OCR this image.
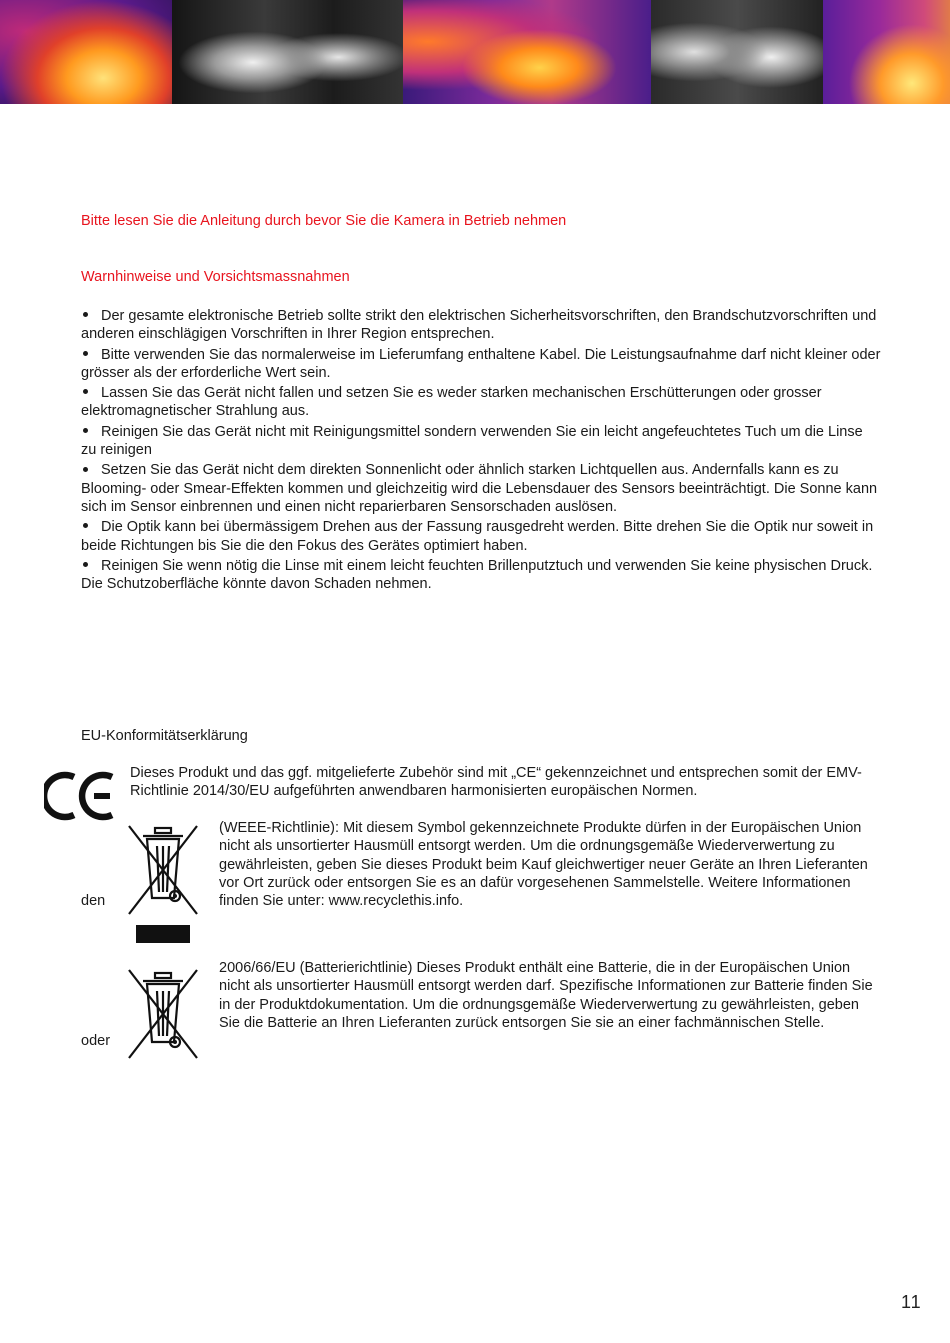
Bitte lesen Sie die Anleitung durch bevor Sie die Kamera in Betrieb nehmen
Warnhinweise und Vorsichtsmassnahmen
Der gesamte elektronische Betrieb sollte strikt den elektrischen Sicherheitsvorschriften, den Brandschutzvorschriften und anderen einschlägigen Vorschriften in Ihrer Region entsprechen.
Bitte verwenden Sie das normalerweise im Lieferumfang enthaltene Kabel. Die Leistungsaufnahme darf nicht kleiner oder grösser als der erforderliche Wert sein.
Lassen Sie das Gerät nicht fallen und setzen Sie es weder starken mechanischen Erschütterungen oder grosser elektromagnetischer Strahlung aus.
Reinigen Sie das Gerät nicht mit Reinigungsmittel sondern verwenden Sie ein leicht angefeuchtetes Tuch um die Linse zu reinigen
Setzen Sie das Gerät nicht dem direkten Sonnenlicht oder ähnlich starken Lichtquellen aus. Andernfalls kann es zu Blooming- oder Smear-Effekten kommen und gleichzeitig wird die Lebensdauer des Sensors beeinträchtigt. Die Sonne kann sich im Sensor einbrennen und einen nicht reparierbaren Sensorschaden auslösen.
Die Optik kann bei übermässigem Drehen aus der Fassung rausgedreht werden. Bitte drehen Sie die Optik nur soweit in beide Richtungen bis Sie die den Fokus des Gerätes optimiert haben.
Reinigen Sie wenn nötig die Linse mit einem leicht feuchten Brillenputztuch und verwenden Sie keine physischen Druck. Die Schutzoberfläche könnte davon Schaden nehmen.
EU-Konformitätserklärung
Dieses Produkt und das ggf. mitgelieferte Zubehör sind mit „CE“ gekennzeichnet und entsprechen somit der EMV-Richtlinie 2014/30/EU aufgeführten anwendbaren harmonisierten europäischen Normen.
den
(WEEE-Richtlinie): Mit diesem Symbol gekennzeichnete Produkte dürfen in der Europäischen Union nicht als unsortierter Hausmüll entsorgt werden. Um die ordnungsgemäße Wiederverwertung zu gewährleisten, geben Sie dieses Produkt beim Kauf gleichwertiger neuer Geräte an Ihren Lieferanten vor Ort zurück oder entsorgen Sie es an dafür vorgesehenen Sammelstelle. Weitere Informationen finden Sie unter: www.recyclethis.info.
oder
2006/66/EU (Batterierichtlinie) Dieses Produkt enthält eine Batterie, die in der Europäischen Union nicht als unsortierter Hausmüll entsorgt werden darf. Spezifische Informationen zur Batterie finden Sie in der Produktdokumentation. Um die ordnungsgemäße Wiederverwertung zu gewährleisten, geben Sie die Batterie an Ihren Lieferanten zurück entsorgen Sie sie an einer fachmännischen Stelle.
11
